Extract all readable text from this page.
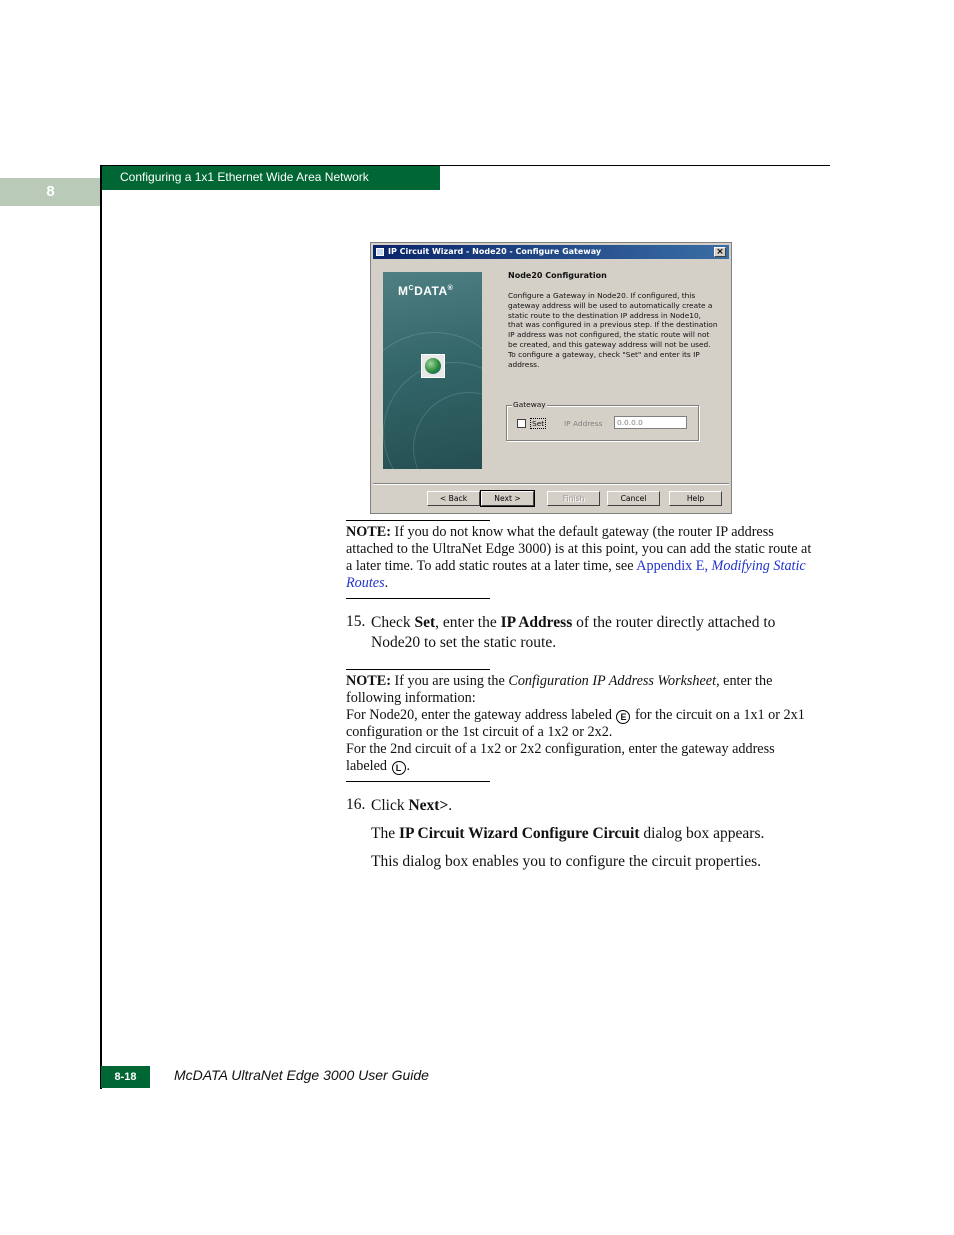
8
Configuring a 1x1 Ethernet Wide Area Network
IP Circuit Wizard - Node20 - Configure Gateway	×
$M^CDATA®$
Node20 Configuration
Configure a Gateway in Node20. If configured, this gateway address will be used to automatically create a static route to the destination IP address in Node10, that was configured in a previous step. If the destination IP address was not configured, the static route will not be created, and this gateway address will not be used. To configure a gateway, check "Set" and enter its IP address.
Gateway
Set	IP Address	0.0.0.0
< Back	Next >	Finish	Cancel	Help
NOTE: If you do not know what the default gateway (the router IP address attached to the UltraNet Edge 3000) is at this point, you can add the static route at a later time. To add static routes at a later time, see Appendix E, Modifying Static Routes.
15. Check Set, enter the IP Address of the router directly attached to Node20 to set the static route.
NOTE: If you are using the Configuration IP Address Worksheet, enter the following information:
For Node20, enter the gateway address labeled E for the circuit on a 1x1 or 2x1 configuration or the 1st circuit of a 1x2 or 2x2.
For the 2nd circuit of a 1x2 or 2x2 configuration, enter the gateway address labeled L .
16. Click Next>.
The IP Circuit Wizard Configure Circuit dialog box appears.
This dialog box enables you to configure the circuit properties.
8-18	McDATA UltraNet Edge 3000 User Guide
